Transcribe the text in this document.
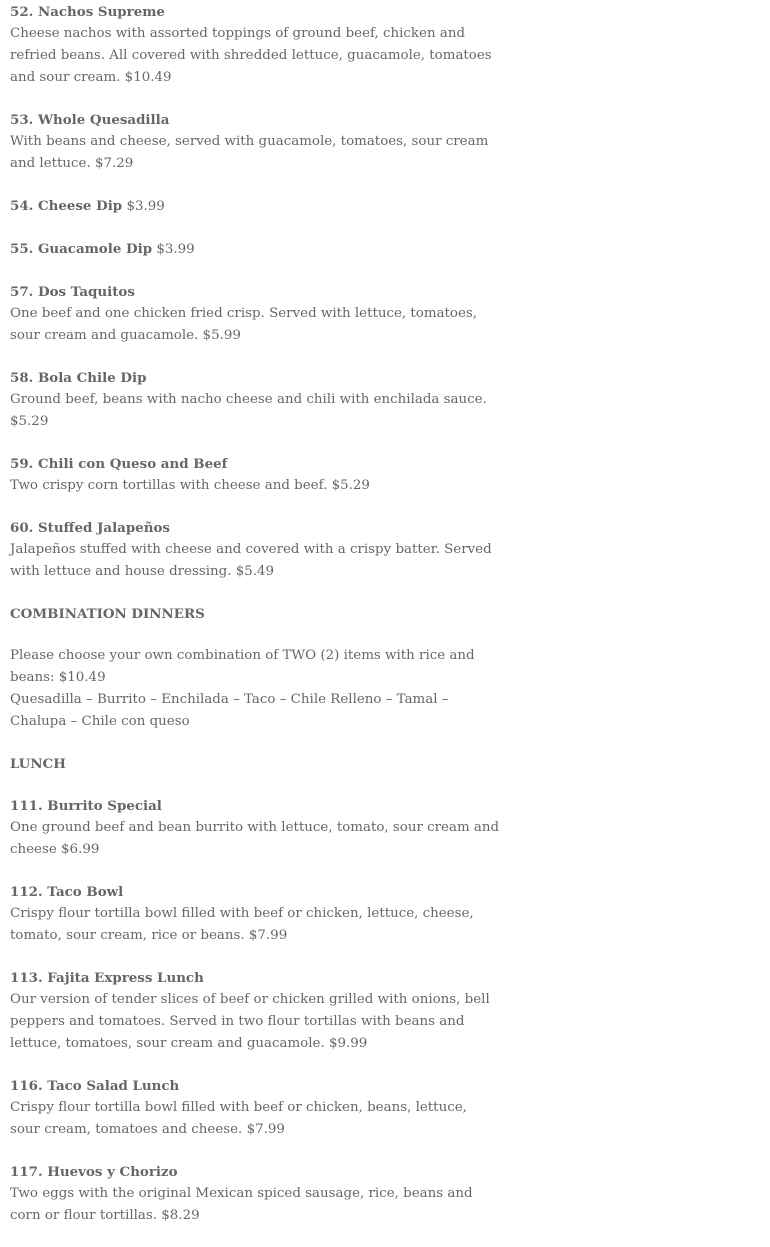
52. Nachos Supreme
Cheese nachos with assorted toppings of ground beef, chicken and refried beans. All covered with shredded lettuce, guacamole, tomatoes and sour cream. $10.49
53. Whole Quesadilla
With beans and cheese, served with guacamole, tomatoes, sour cream and lettuce. $7.29
54. Cheese Dip $3.99
55. Guacamole Dip $3.99
57. Dos Taquitos
One beef and one chicken fried crisp. Served with lettuce, tomatoes, sour cream and guacamole. $5.99
58. Bola Chile Dip
Ground beef, beans with nacho cheese and chili with enchilada sauce. $5.29
59. Chili con Queso and Beef
Two crispy corn tortillas with cheese and beef. $5.29
60. Stuffed Jalapeños
Jalapeños stuffed with cheese and covered with a crispy batter. Served with lettuce and house dressing. $5.49
COMBINATION DINNERS
Please choose your own combination of TWO (2) items with rice and beans: $10.49
Quesadilla – Burrito – Enchilada – Taco – Chile Relleno – Tamal – Chalupa – Chile con queso
LUNCH
111. Burrito Special
One ground beef and bean burrito with lettuce, tomato, sour cream and cheese $6.99
112. Taco Bowl
Crispy flour tortilla bowl filled with beef or chicken, lettuce, cheese, tomato, sour cream, rice or beans. $7.99
113. Fajita Express Lunch
Our version of tender slices of beef or chicken grilled with onions, bell peppers and tomatoes. Served in two flour tortillas with beans and lettuce, tomatoes, sour cream and guacamole. $9.99
116. Taco Salad Lunch
Crispy flour tortilla bowl filled with beef or chicken, beans, lettuce, sour cream, tomatoes and cheese. $7.99
117. Huevos y Chorizo
Two eggs with the original Mexican spiced sausage, rice, beans and corn or flour tortillas. $8.29
